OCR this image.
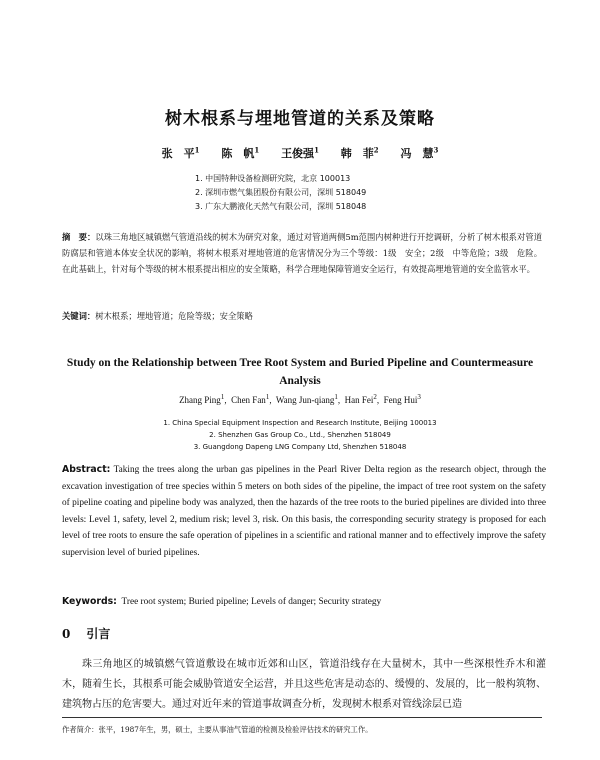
树木根系与埋地管道的关系及策略
张　平$^1$ 陈　帆$^1$ 王俊强$^1$ 韩　菲$^2$ 冯　慧$^3$
1. 中国特种设备检测研究院，北京 100013
2. 深圳市燃气集团股份有限公司，深圳 518049
3. 广东大鹏液化天然气有限公司，深圳 518048
摘　要：以珠三角地区城镇燃气管道沿线的树木为研究对象，通过对管道两侧5m范围内树种进行开挖调研，分析了树木根系对管道防腐层和管道本体安全状况的影响，将树木根系对埋地管道的危害情况分为三个等级：1级　安全；2级　中等危险；3级　危险。在此基础上，针对每个等级的树木根系提出相应的安全策略，科学合理地保障管道安全运行，有效提高埋地管道的安全监管水平。
关键词：树木根系；埋地管道；危险等级；安全策略
Study on the Relationship between Tree Root System and Buried Pipeline and Countermeasure Analysis
Zhang Ping$^1$,  Chen Fan$^1$,  Wang Jun-qiang$^1$,  Han Fei$^2$,  Feng Hui$^3$
1. China Special Equipment Inspection and Research Institute, Beijing 100013
2. Shenzhen Gas Group Co., Ltd., Shenzhen 518049
3. Guangdong Dapeng LNG Company Ltd, Shenzhen 518048
Abstract: Taking the trees along the urban gas pipelines in the Pearl River Delta region as the research object, through the excavation investigation of tree species within 5 meters on both sides of the pipeline, the impact of tree root system on the safety of pipeline coating and pipeline body was analyzed, then the hazards of the tree roots to the buried pipelines are divided into three levels: Level 1, safety, level 2, medium risk; level 3, risk. On this basis, the corresponding security strategy is proposed for each level of tree roots to ensure the safe operation of pipelines in a scientific and rational manner and to effectively improve the safety supervision level of buried pipelines.
Keywords: Tree root system; Buried pipeline; Levels of danger; Security strategy
0 引言
珠三角地区的城镇燃气管道敷设在城市近郊和山区，管道沿线存在大量树木，其中一些深根性乔木和灌木，随着生长，其根系可能会威胁管道安全运营，并且这些危害是动态的、缓慢的、发展的，比一般构筑物、建筑物占压的危害要大。通过对近年来的管道事故调查分析，发现树木根系对管线涂层已造
作者简介：张平，1987年生，男，硕士，主要从事油气管道的检测及检验评估技术的研究工作。
